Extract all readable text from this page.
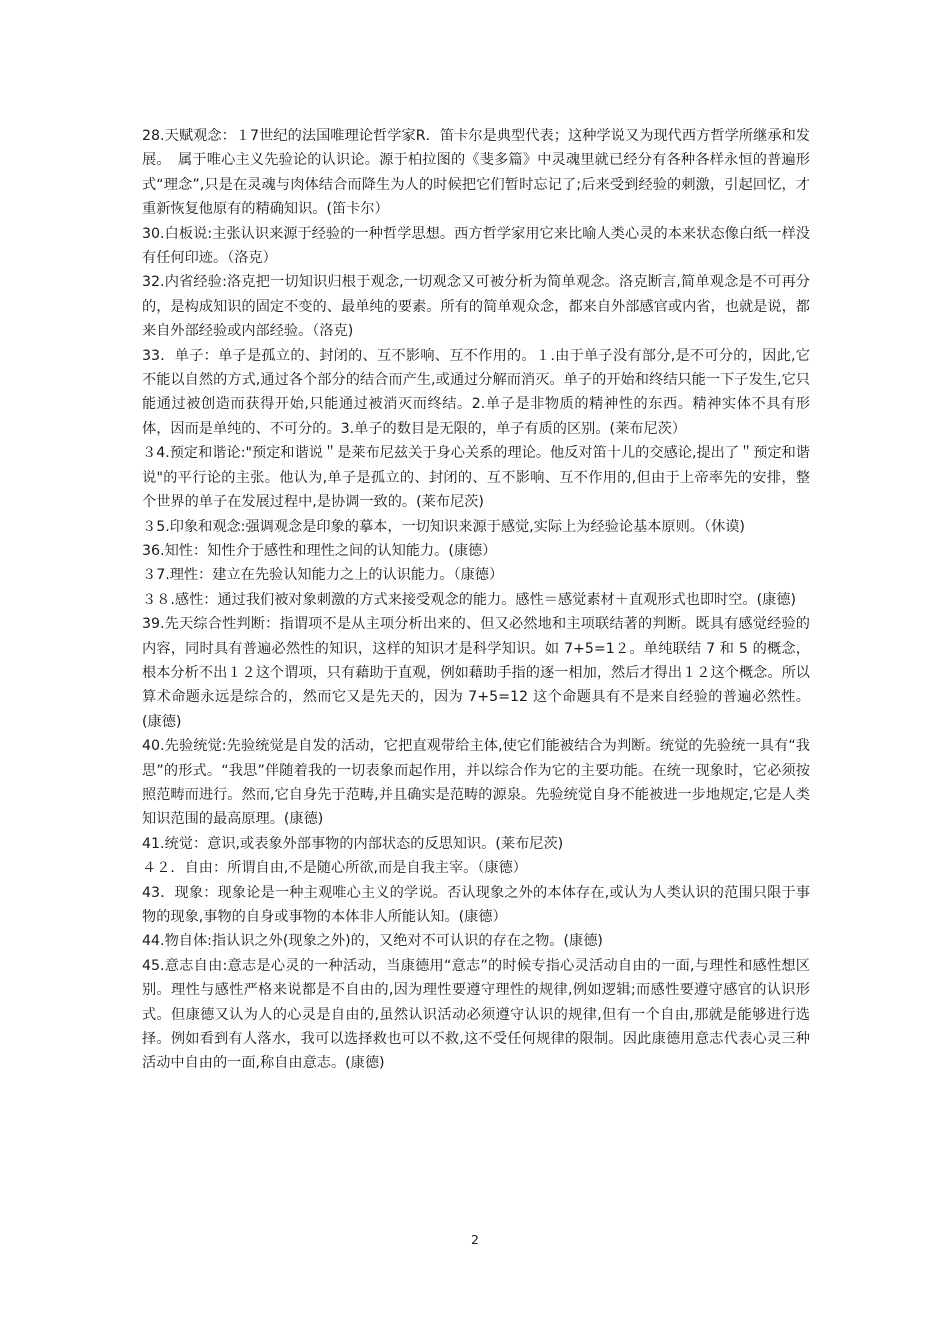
28.天赋观念：１7世纪的法国唯理论哲学家R．笛卡尔是典型代表；这种学说又为现代西方哲学所继承和发展。　属于唯心主义先验论的认识论。源于柏拉图的《斐多篇》中灵魂里就已经分有各种各样永恒的普遍形式“理念”,只是在灵魂与肉体结合而降生为人的时候把它们暂时忘记了;后来受到经验的刺激，引起回忆，才重新恢复他原有的精确知识。(笛卡尔）

30.白板说:主张认识来源于经验的一种哲学思想。西方哲学家用它来比喻人类心灵的本来状态像白纸一样没有任何印迹。（洛克）

32.内省经验:洛克把一切知识归根于观念,一切观念又可被分析为简单观念。洛克断言,简单观念是不可再分的，是构成知识的固定不变的、最单纯的要素。所有的简单观众念，都来自外部感官或内省，也就是说，都来自外部经验或内部经验。（洛克)

33．单子：单子是孤立的、封闭的、互不影响、互不作用的。１.由于单子没有部分,是不可分的，因此,它不能以自然的方式,通过各个部分的结合而产生,或通过分解而消灭。单子的开始和终结只能一下子发生,它只能通过被创造而获得开始,只能通过被消灭而终结。2.单子是非物质的精神性的东西。精神实体不具有形体，因而是单纯的、不可分的。3.单子的数目是无限的，单子有质的区别。(莱布尼茨）

３4.预定和谐论:"预定和谐说＂是莱布尼兹关于身心关系的理论。他反对笛十儿的交感论,提出了＂预定和谐说"的平行论的主张。他认为,单子是孤立的、封闭的、互不影响、互不作用的,但由于上帝率先的安排，整个世界的单子在发展过程中,是协调一致的。(莱布尼茨)

３5.印象和观念:强调观念是印象的摹本，一切知识来源于感觉,实际上为经验论基本原则。（休谟)

36.知性：知性介于感性和理性之间的认知能力。(康德）

３7.理性：建立在先验认知能力之上的认识能力。（康德）

３８.感性：通过我们被对象刺激的方式来接受观念的能力。感性＝感觉素材＋直观形式也即时空。(康德)

39.先天综合性判断：指谓项不是从主项分析出来的、但又必然地和主项联结著的判断。既具有感觉经验的内容，同时具有普遍必然性的知识，这样的知识才是科学知识。如 7+5=1２。单纯联结 7 和 5 的概念，根本分析不出１２这个谓项，只有藉助于直观，例如藉助手指的逐一相加，然后才得出１２这个概念。所以算术命题永远是综合的，然而它又是先天的，因为 7+5=12 这个命题具有不是来自经验的普遍必然性。(康德)

40.先验统觉:先验统觉是自发的活动，它把直观带给主体,使它们能被结合为判断。统觉的先验统一具有“我思”的形式。“我思”伴随着我的一切表象而起作用，并以综合作为它的主要功能。在统一现象时，它必须按照范畴而进行。然而,它自身先于范畴,并且确实是范畴的源泉。先验统觉自身不能被进一步地规定,它是人类知识范围的最高原理。(康德)

41.统觉：意识,或表象外部事物的内部状态的反思知识。(莱布尼茨)

４２．自由：所谓自由,不是随心所欲,而是自我主宰。（康德）

43．现象：现象论是一种主观唯心主义的学说。否认现象之外的本体存在,或认为人类认识的范围只限于事物的现象,事物的自身或事物的本体非人所能认知。(康德）

44.物自体:指认识之外(现象之外)的，又绝对不可认识的存在之物。(康德)

45.意志自由:意志是心灵的一种活动，当康德用“意志”的时候专指心灵活动自由的一面,与理性和感性想区别。理性与感性严格来说都是不自由的,因为理性要遵守理性的规律,例如逻辑;而感性要遵守感官的认识形式。但康德又认为人的心灵是自由的,虽然认识活动必须遵守认识的规律,但有一个自由,那就是能够进行选择。例如看到有人落水，我可以选择救也可以不救,这不受任何规律的限制。因此康德用意志代表心灵三种活动中自由的一面,称自由意志。(康德)

2
